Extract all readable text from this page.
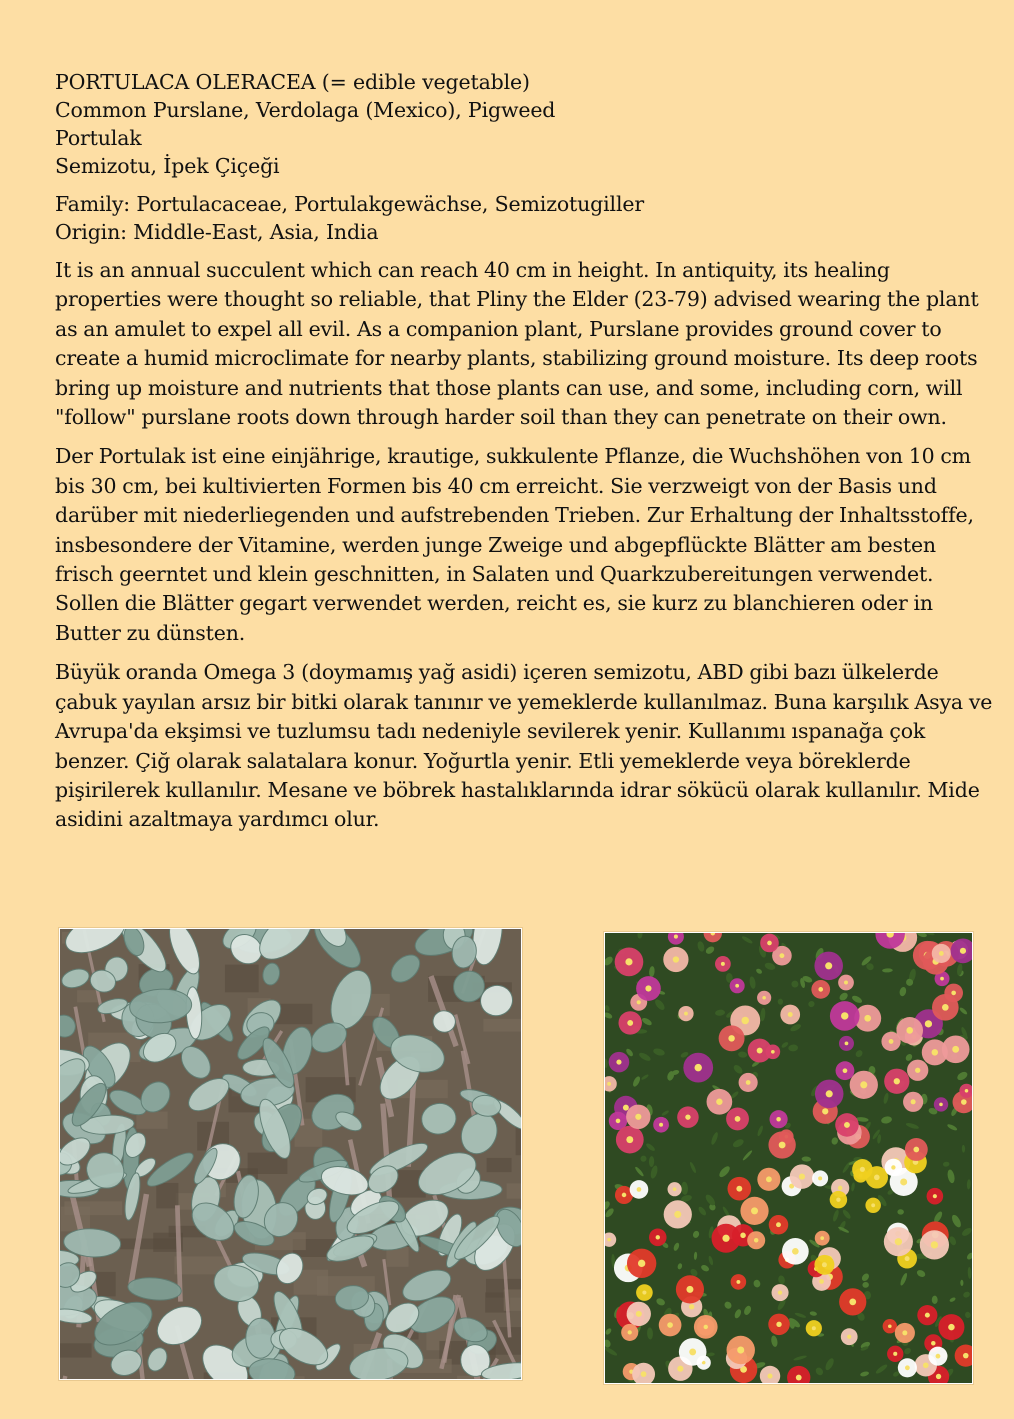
PORTULACA OLERACEA (= edible vegetable)
Common Purslane, Verdolaga (Mexico), Pigweed
Portulak
Semizotu, İpek Çiçeği
Family: Portulacaceae, Portulakgewächse, Semizotugiller
Origin: Middle-East, Asia, India

It is an annual succulent which can reach 40 cm in height. In antiquity, its healing properties were thought so reliable, that Pliny the Elder (23-79) advised wearing the plant as an amulet to expel all evil. As a companion plant, Purslane provides ground cover to create a humid microclimate for nearby plants, stabilizing ground moisture. Its deep roots bring up moisture and nutrients that those plants can use, and some, including corn, will "follow" purslane roots down through harder soil than they can penetrate on their own.

Der Portulak ist eine einjährige, krautige, sukkulente Pflanze, die Wuchshöhen von 10 cm bis 30 cm, bei kultivierten Formen bis 40 cm erreicht. Sie verzweigt von der Basis und darüber mit niederliegenden und aufstrebenden Trieben. Zur Erhaltung der Inhaltsstoffe, insbesondere der Vitamine, werden junge Zweige und abgepflückte Blätter am besten frisch geerntet und klein geschnitten, in Salaten und Quarkzubereitungen verwendet. Sollen die Blätter gegart verwendet werden, reicht es, sie kurz zu blanchieren oder in Butter zu dünsten.

Büyük oranda Omega 3 (doymamış yağ asidi) içeren semizotu, ABD gibi bazı ülkelerde çabuk yayılan arsız bir bitki olarak tanınır ve yemeklerde kullanılmaz. Buna karşılık Asya ve Avrupa'da ekşimsi ve tuzlumsu tadı nedeniyle sevilerek yenir. Kullanımı ıspanağa çok benzer. Çiğ olarak salatalara konur. Yoğurtla yenir. Etli yemeklerde veya böreklerde pişirilerek kullanılır. Mesane ve böbrek hastalıklarında idrar sökücü olarak kullanılır. Mide asidini azaltmaya yardımcı olur.
